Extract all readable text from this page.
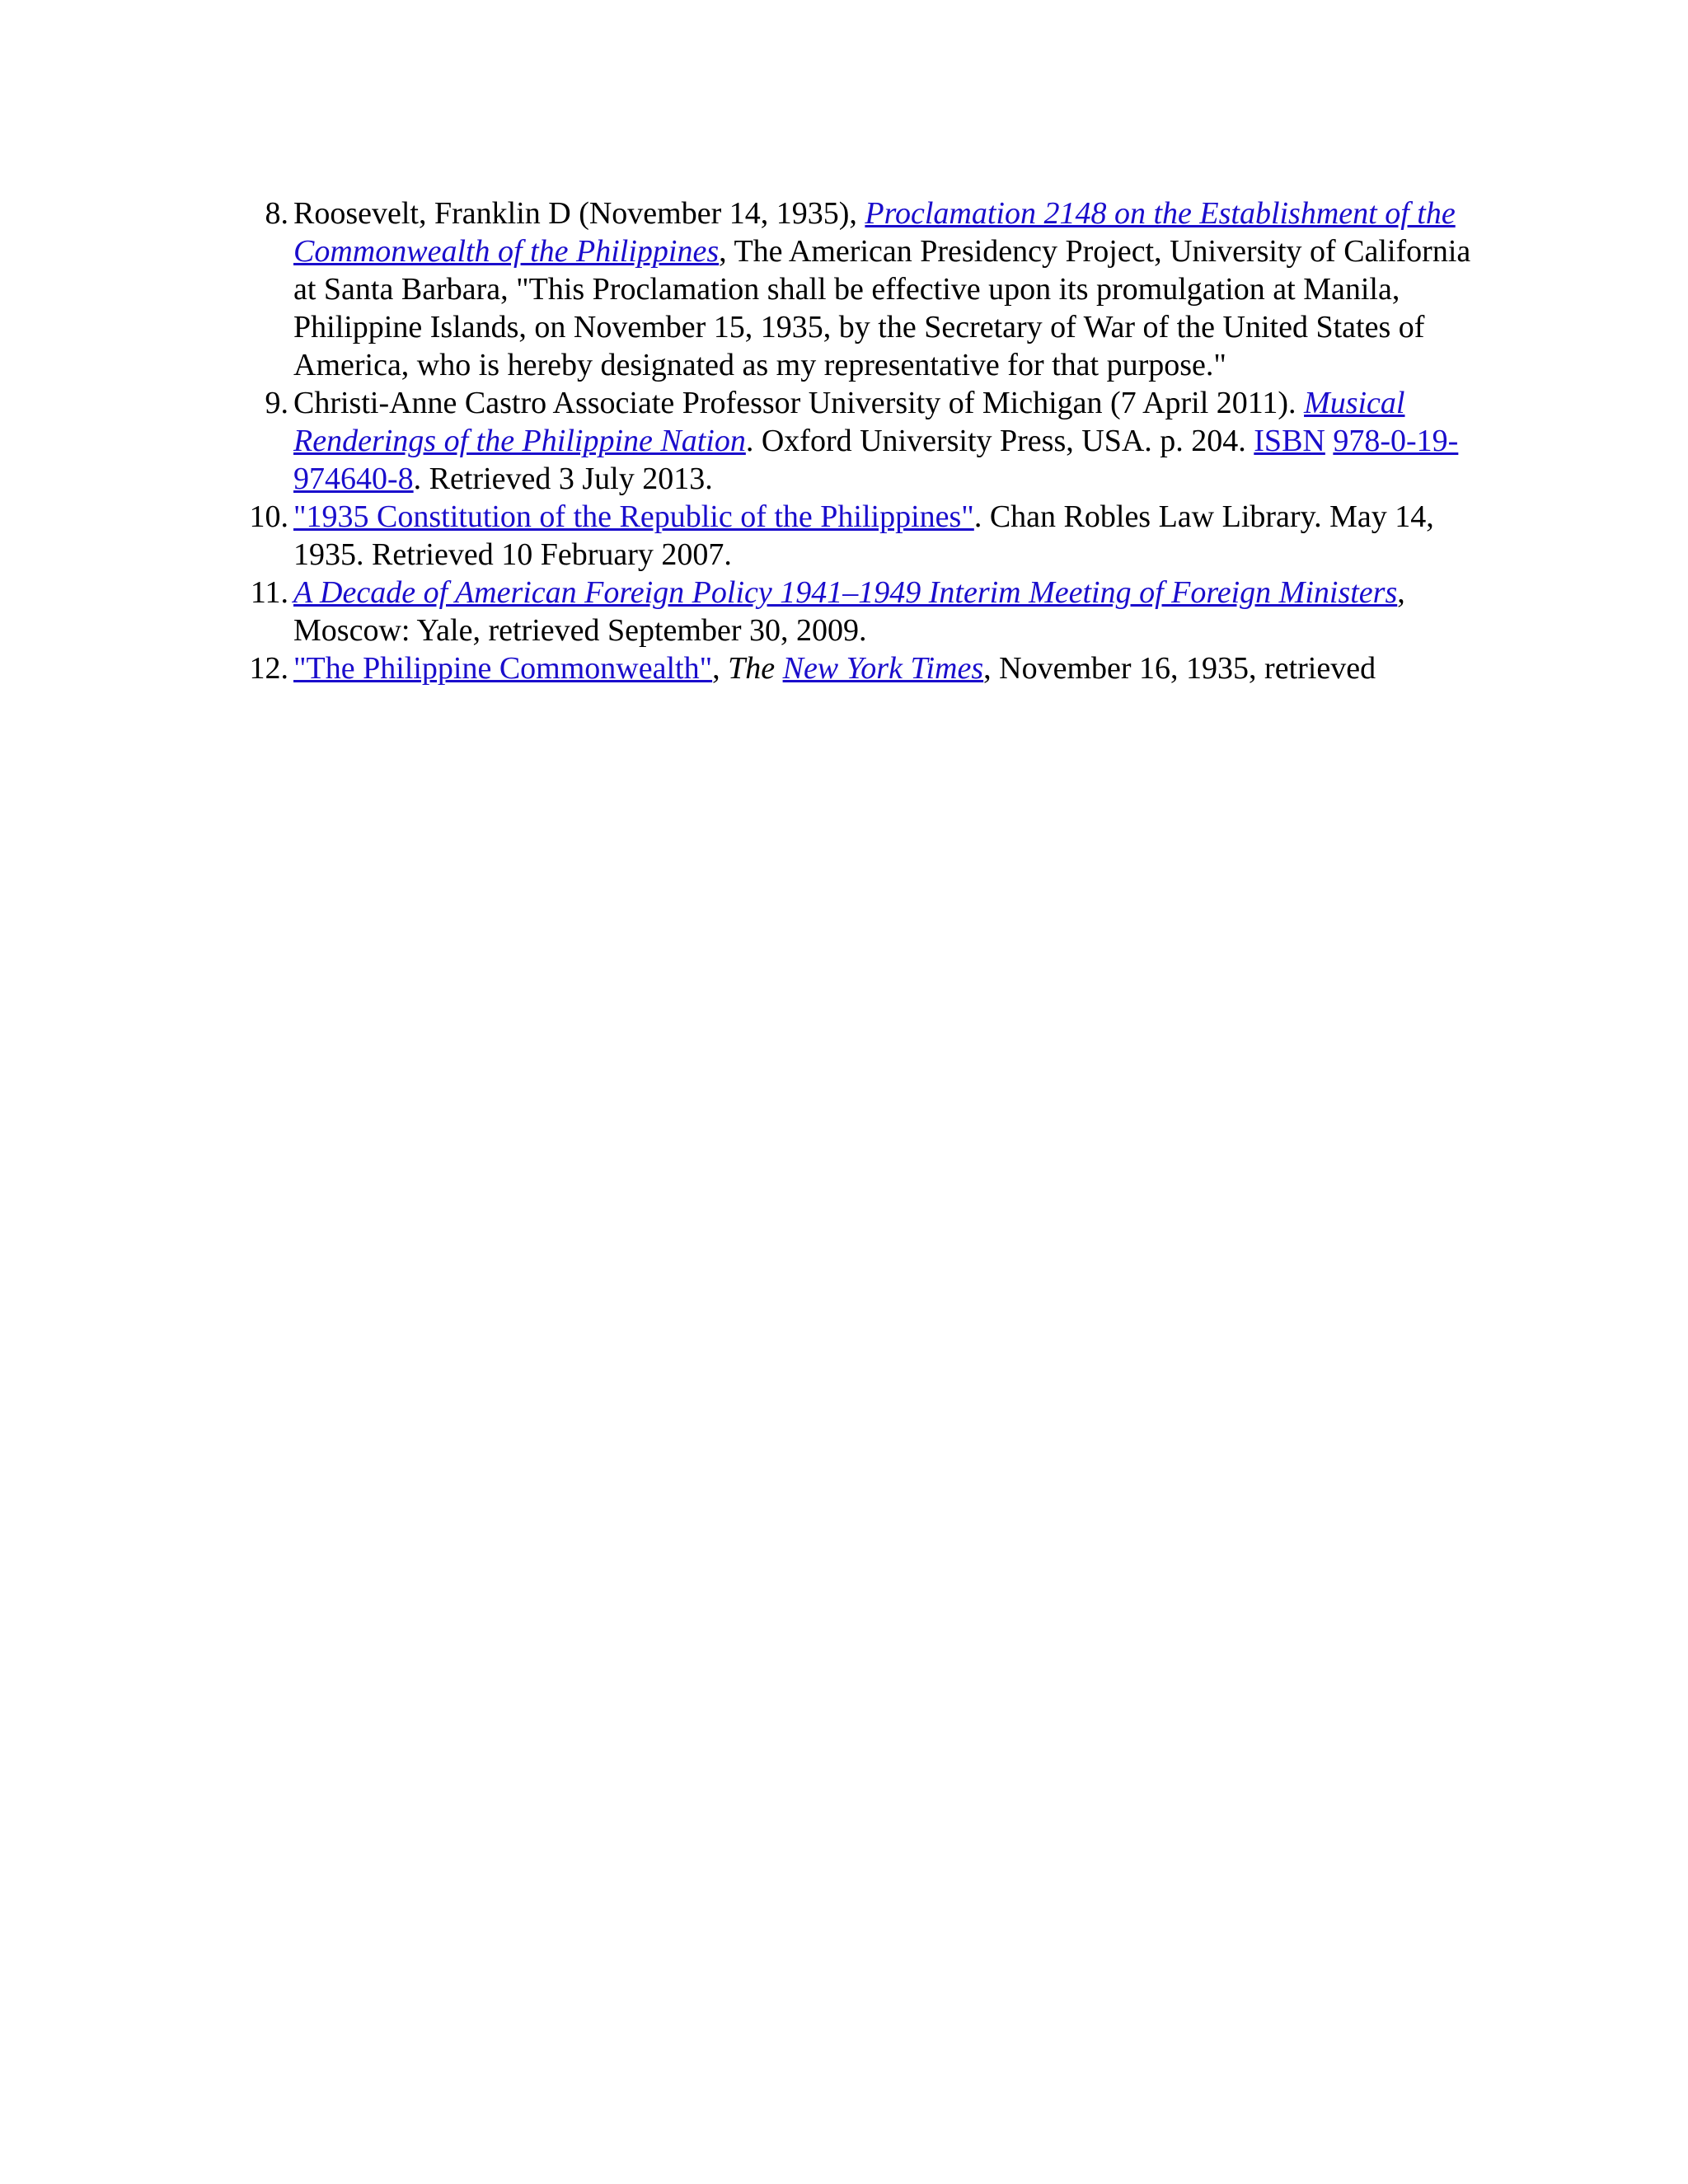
8. Roosevelt, Franklin D (November 14, 1935), Proclamation 2148 on the Establishment of the Commonwealth of the Philippines, The American Presidency Project, University of California at Santa Barbara, "This Proclamation shall be effective upon its promulgation at Manila, Philippine Islands, on November 15, 1935, by the Secretary of War of the United States of America, who is hereby designated as my representative for that purpose."
9. Christi-Anne Castro Associate Professor University of Michigan (7 April 2011). Musical Renderings of the Philippine Nation. Oxford University Press, USA. p. 204. ISBN 978-0-19-974640-8. Retrieved 3 July 2013.
10. "1935 Constitution of the Republic of the Philippines". Chan Robles Law Library. May 14, 1935. Retrieved 10 February 2007.
11. A Decade of American Foreign Policy 1941–1949 Interim Meeting of Foreign Ministers, Moscow: Yale, retrieved September 30, 2009.
12. "The Philippine Commonwealth", The New York Times, November 16, 1935, retrieved
